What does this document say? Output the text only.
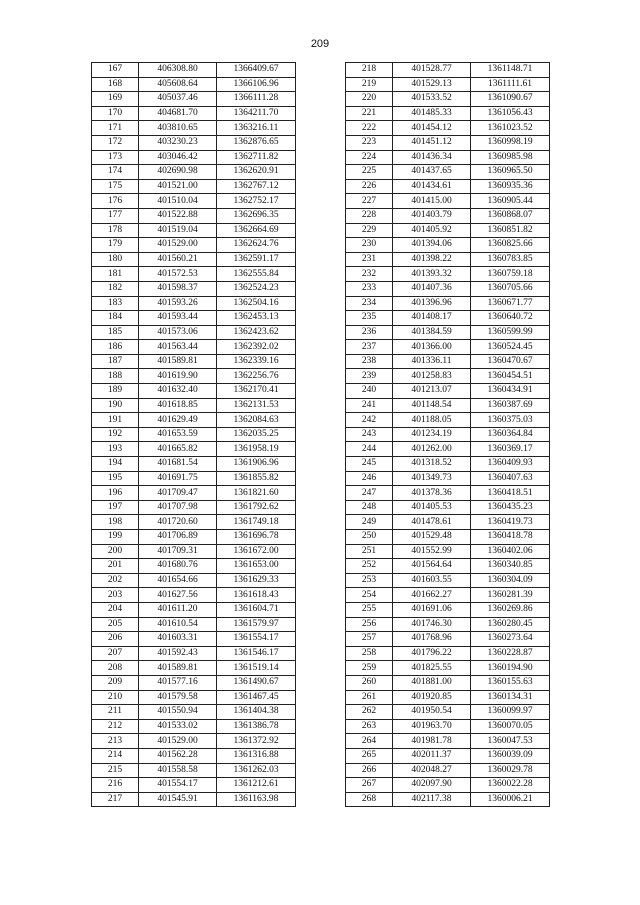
209
167	406308.80	1366409.67
168	405608.64	1366106.96
169	405037.46	1366111.28
170	404681.70	1364211.70
171	403810.65	1363216.11
172	403230.23	1362876.65
173	403046.42	1362711.82
174	402690.98	1362620.91
175	401521.00	1362767.12
176	401510.04	1362752.17
177	401522.88	1362696.35
178	401519.04	1362664.69
179	401529.00	1362624.76
180	401560.21	1362591.17
181	401572.53	1362555.84
182	401598.37	1362524.23
183	401593.26	1362504.16
184	401593.44	1362453.13
185	401573.06	1362423.62
186	401563.44	1362392.02
187	401589.81	1362339.16
188	401619.90	1362256.76
189	401632.40	1362170.41
190	401618.85	1362131.53
191	401629.49	1362084.63
192	401653.59	1362035.25
193	401665.82	1361958.19
194	401681.54	1361906.96
195	401691.75	1361855.82
196	401709.47	1361821.60
197	401707.98	1361792.62
198	401720.60	1361749.18
199	401706.89	1361696.78
200	401709.31	1361672.00
201	401680.76	1361653.00
202	401654.66	1361629.33
203	401627.56	1361618.43
204	401611.20	1361604.71
205	401610.54	1361579.97
206	401603.31	1361554.17
207	401592.43	1361546.17
208	401589.81	1361519.14
209	401577.16	1361490.67
210	401579.58	1361467.45
211	401550.94	1361404.38
212	401533.02	1361386.78
213	401529.00	1361372.92
214	401562.28	1361316.88
215	401558.58	1361262.03
216	401554.17	1361212.61
217	401545.91	1361163.98
218	401528.77	1361148.71
219	401529.13	1361111.61
220	401533.52	1361090.67
221	401485.33	1361056.43
222	401454.12	1361023.52
223	401451.12	1360998.19
224	401436.34	1360985.98
225	401437.65	1360965.50
226	401434.61	1360935.36
227	401415.00	1360905.44
228	401403.79	1360868.07
229	401405.92	1360851.82
230	401394.06	1360825.66
231	401398.22	1360783.85
232	401393.32	1360759.18
233	401407.36	1360705.66
234	401396.96	1360671.77
235	401408.17	1360640.72
236	401384.59	1360599.99
237	401366.00	1360524.45
238	401336.11	1360470.67
239	401258.83	1360454.51
240	401213.07	1360434.91
241	401148.54	1360387.69
242	401188.05	1360375.03
243	401234.19	1360364.84
244	401262.00	1360369.17
245	401318.52	1360409.93
246	401349.73	1360407.63
247	401378.36	1360418.51
248	401405.53	1360435.23
249	401478.61	1360419.73
250	401529.48	1360418.78
251	401552.99	1360402.06
252	401564.64	1360340.85
253	401603.55	1360304.09
254	401662.27	1360281.39
255	401691.06	1360269.86
256	401746.30	1360280.45
257	401768.96	1360273.64
258	401796.22	1360228.87
259	401825.55	1360194.90
260	401881.00	1360155.63
261	401920.85	1360134.31
262	401950.54	1360099.97
263	401963.70	1360070.05
264	401981.78	1360047.53
265	402011.37	1360039.09
266	402048.27	1360029.78
267	402097.90	1360022.28
268	402117.38	1360006.21
